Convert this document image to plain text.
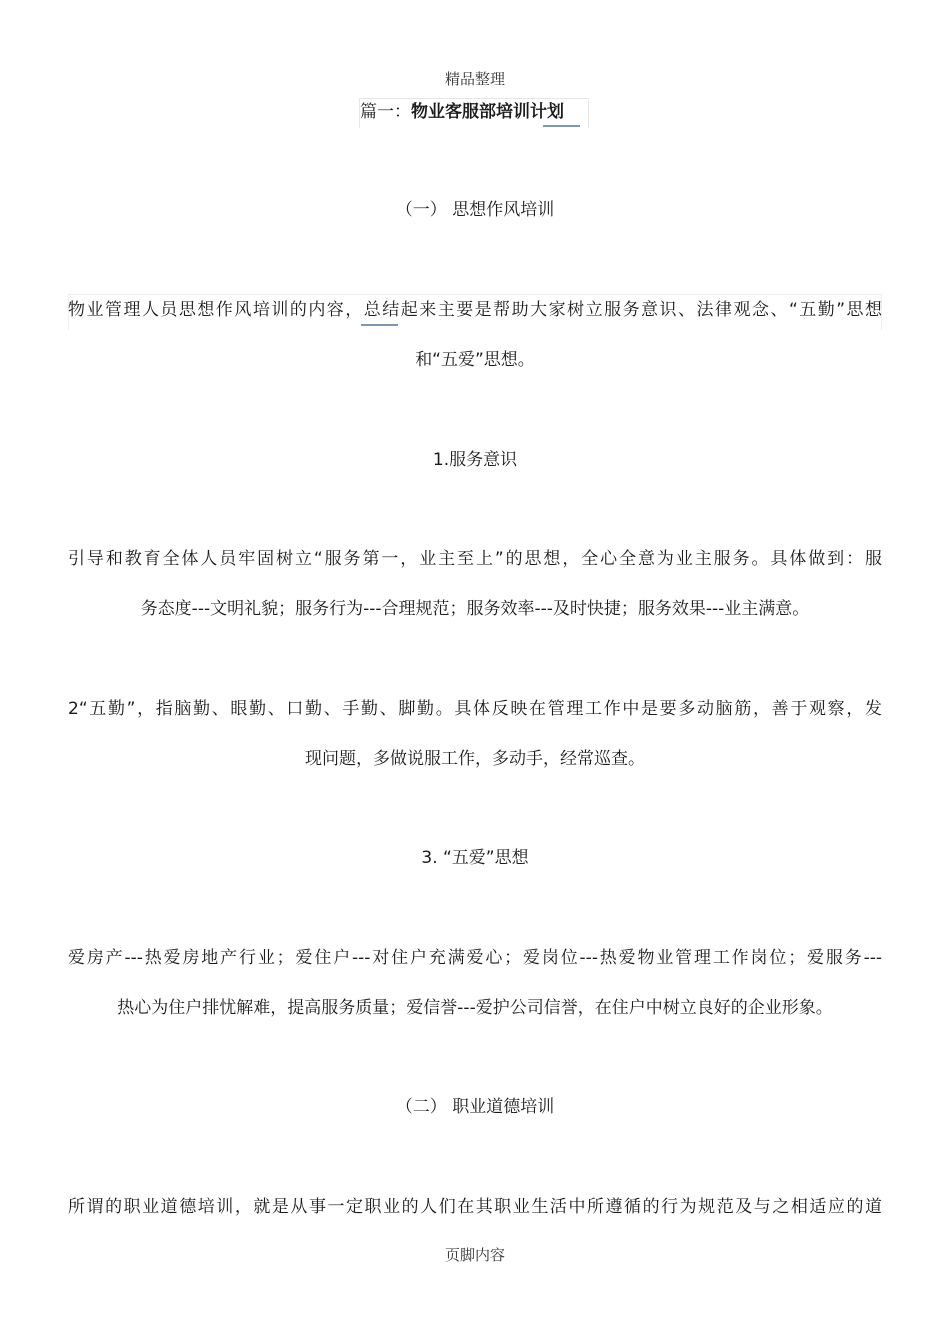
精品整理
篇一：物业客服部培训计划
（一） 思想作风培训
物业管理人员思想作风培训的内容，总结起来主要是帮助大家树立服务意识、法律观念、“五勤”思想
和“五爱”思想。
1.服务意识
引导和教育全体人员牢固树立“服务第一，业主至上”的思想，全心全意为业主服务。具体做到：服
务态度---文明礼貌；服务行为---合理规范；服务效率---及时快捷；服务效果---业主满意。
2“五勤”，指脑勤、眼勤、口勤、手勤、脚勤。具体反映在管理工作中是要多动脑筋，善于观察，发
现问题，多做说服工作，多动手，经常巡查。
3. “五爱”思想
爱房产---热爱房地产行业；爱住户---对住户充满爱心；爱岗位---热爱物业管理工作岗位；爱服务---
热心为住户排忧解难，提高服务质量；爱信誉---爱护公司信誉，在住户中树立良好的企业形象。
（二） 职业道德培训
所谓的职业道德培训，就是从事一定职业的人们在其职业生活中所遵循的行为规范及与之相适应的道
页脚内容
